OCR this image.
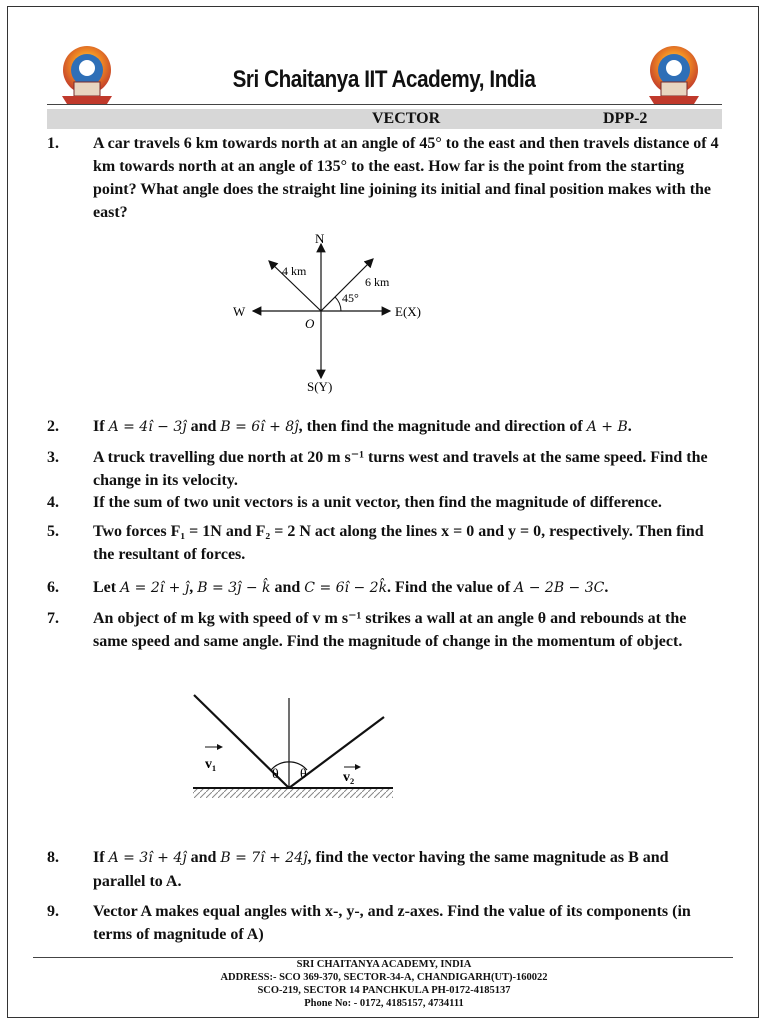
Sri Chaitanya IIT Academy, India
VECTOR	DPP-2
1. A car travels 6 km towards north at an angle of 45° to the east and then travels distance of 4 km towards north at an angle of 135° to the east. How far is the point from the starting point? What angle does the straight line joining its initial and final position makes with the east?
N
S(Y)
E(X)
W
O
4 km
6 km
45°
2. If A = 4î − 3ĵ and B = 6î + 8ĵ, then find the magnitude and direction of A + B.
3. A truck travelling due north at 20 m s⁻¹ turns west and travels at the same speed. Find the change in its velocity.
4. If the sum of two unit vectors is a unit vector, then find the magnitude of difference.
5. Two forces F₁ = 1N and F₂ = 2 N act along the lines x = 0 and y = 0, respectively. Then find the resultant of forces.
6. Let A = 2î + ĵ, B = 3ĵ − k̂ and C = 6î − 2k̂. Find the value of A − 2B − 3C.
7. An object of m kg with speed of v m s⁻¹ strikes a wall at an angle θ and rebounds at the same speed and same angle. Find the magnitude of change in the momentum of object.
v₁
v₂
θ θ
8. If A = 3î + 4ĵ and B = 7î + 24ĵ, find the vector having the same magnitude as B and parallel to A.
9. Vector A makes equal angles with x-, y-, and z-axes. Find the value of its components (in terms of magnitude of A)
SRI CHAITANYA ACADEMY, INDIA
ADDRESS:- SCO 369-370, SECTOR-34-A, CHANDIGARH(UT)-160022
SCO-219, SECTOR 14 PANCHKULA PH-0172-4185137
Phone No: - 0172, 4185157, 4734111
